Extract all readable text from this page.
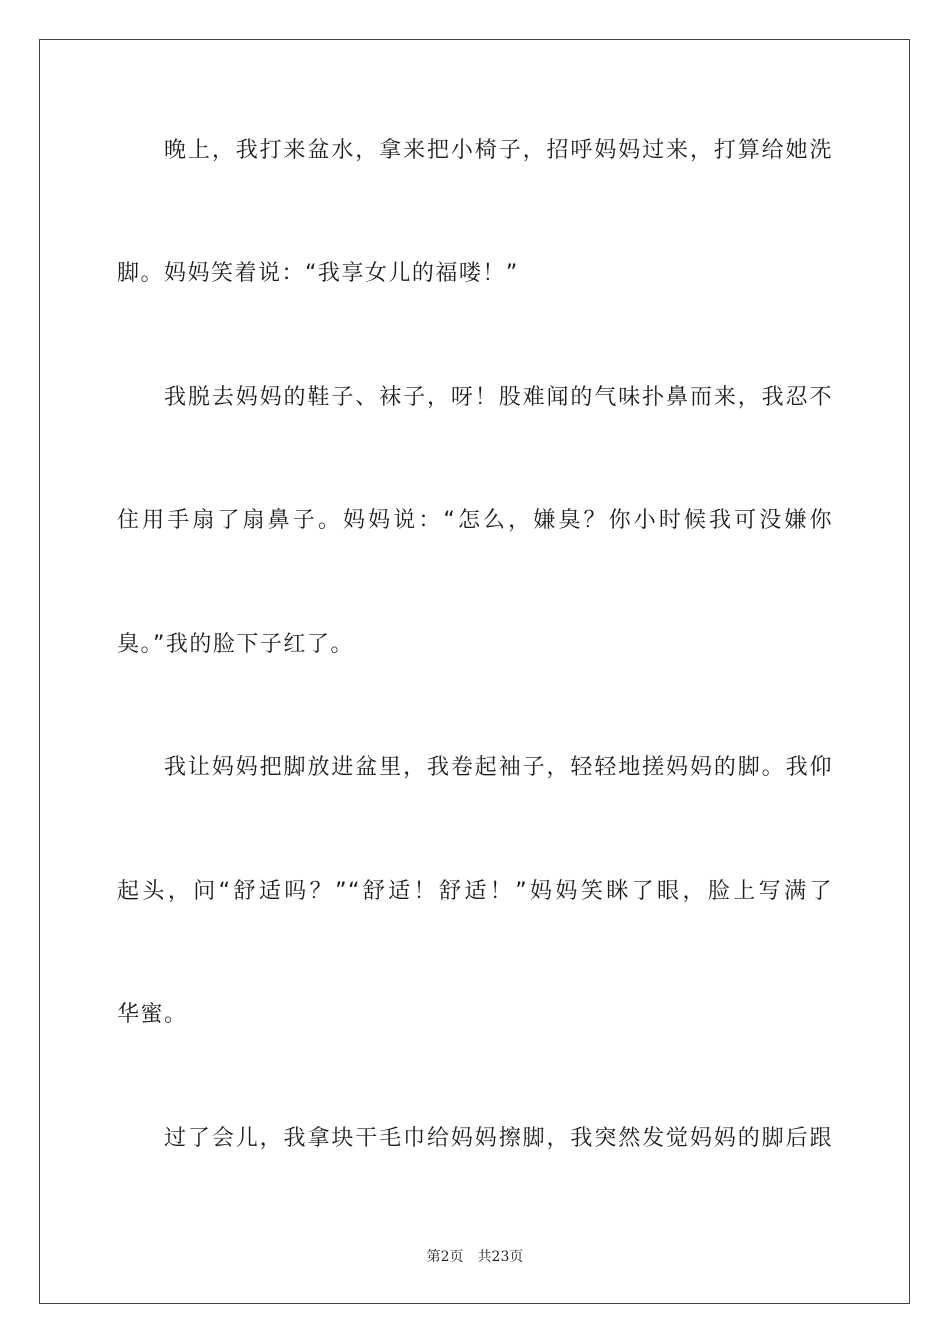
晚上，我打来盆水，拿来把小椅子，招呼妈妈过来，打算给她洗
脚。妈妈笑着说：“我享女儿的福喽！”
我脱去妈妈的鞋子、袜子，呀！股难闻的气味扑鼻而来，我忍不
住用手扇了扇鼻子。妈妈说：“怎么，嫌臭？你小时候我可没嫌你
臭。”我的脸下子红了。
我让妈妈把脚放进盆里，我卷起袖子，轻轻地搓妈妈的脚。我仰
起头，问“舒适吗？”“舒适！舒适！”妈妈笑眯了眼，脸上写满了
华蜜。
过了会儿，我拿块干毛巾给妈妈擦脚，我突然发觉妈妈的脚后跟
第2页 共23页
